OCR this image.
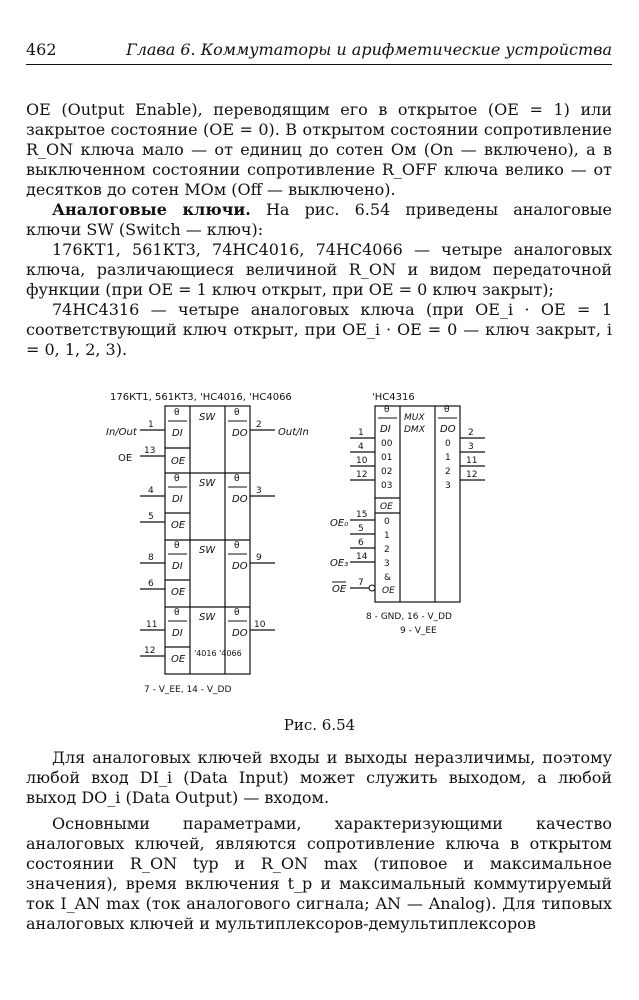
462	Глава 6. Коммутаторы и арифметические устройства

OE (Output Enable), переводящим его в открытое (OE = 1) или закрытое состояние (OE = 0). В открытом состоянии сопротивление R_ON ключа мало — от единиц до сотен Ом (On — включено), а в выключенном состоянии сопротивление R_OFF ключа велико — от десятков до сотен МОм (Off — выключено).

Аналоговые ключи. На рис. 6.54 приведены аналоговые ключи SW (Switch — ключ):

176КТ1, 561КТ3, 74HC4016, 74HC4066 — четыре аналоговых ключа, различающиеся величиной R_ON и видом передаточной функции (при OE = 1 ключ открыт, при OE = 0 ключ закрыт);

74HC4316 — четыре аналоговых ключа (при OE_i · OE = 1 соответствующий ключ открыт, при OE_i · OE = 0 — ключ закрыт, i = 0, 1, 2, 3).

176КТ1, 561КТ3, 'HC4016, 'HC4066
In/Out
OE
Out/In
θ	θ
DI	DO
SW
OE
θ	θ
DI	DO
SW
OE
θ	θ
DI	DO
SW
OE
θ	θ
DI	DO
SW
OE
'4016 '4066
1
13
4
5
8
6
11
12
2
3
9
10
7 - V_EE, 14 - V_DD
'HC4316
θ	θ
DI	DO
MUX
DMX
00
01
02
03
0
1
2
3
OE
0
1
2
3
&
OE
1
4
10
12
2
3
11
12
15
5
6
14
7
OE₀
OE₃
OE
8 - GND, 16 - V_DD
9 - V_EE
Рис. 6.54

Для аналоговых ключей входы и выходы неразличимы, поэтому любой вход DI_i (Data Input) может служить выходом, а любой выход DO_i (Data Output) — входом.

Основными параметрами, характеризующими качество аналоговых ключей, являются сопротивление ключа в открытом состоянии R_ON typ и R_ON max (типовое и максимальное значения), время включения t_p и максимальный коммутируемый ток I_AN max (ток аналогового сигнала; AN — Analog). Для типовых аналоговых ключей и мультиплексоров-демультиплексоров
